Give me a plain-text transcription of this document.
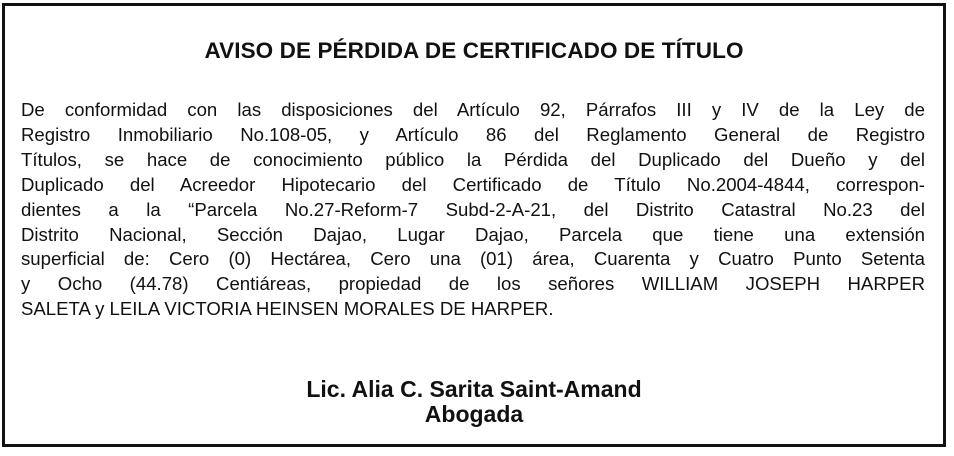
AVISO DE PÉRDIDA DE CERTIFICADO DE TÍTULO

De conformidad con las disposiciones del Artículo 92, Párrafos III y IV de la Ley de
Registro Inmobiliario No.108-05, y Artículo 86 del Reglamento General de Registro
Títulos, se hace de conocimiento público la Pérdida del Duplicado del Dueño y del
Duplicado del Acreedor Hipotecario del Certificado de Título No.2004-4844, correspon-
dientes a la “Parcela No.27-Reform-7 Subd-2-A-21, del Distrito Catastral No.23 del
Distrito Nacional, Sección Dajao, Lugar Dajao, Parcela que tiene una extensión
superficial de: Cero (0) Hectárea, Cero una (01) área, Cuarenta y Cuatro Punto Setenta
y Ocho (44.78) Centiáreas, propiedad de los señores WILLIAM JOSEPH HARPER
SALETA y LEILA VICTORIA HEINSEN MORALES DE HARPER.

Lic. Alia C. Sarita Saint-Amand
Abogada
